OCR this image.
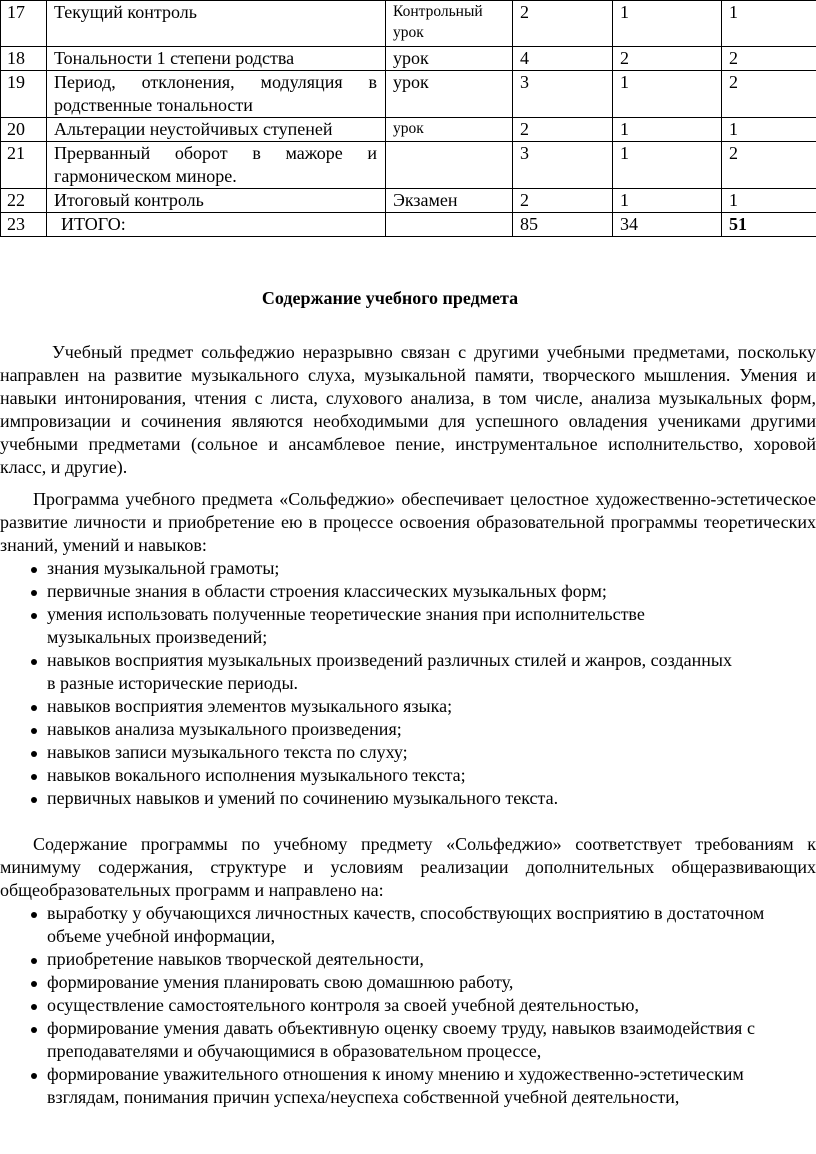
17	Текущий контроль	Контрольный урок	2	1	1
18	Тональности 1 степени родства	урок	4	2	2
19	Период, отклонения, модуляция в родственные тональности	урок	3	1	2
20	Альтерации неустойчивых ступеней	урок	2	1	1
21	Прерванный оборот в мажоре и гармоническом миноре.		3	1	2
22	Итоговый контроль	Экзамен	2	1	1
23	ИТОГО:		85	34	51
Содержание учебного предмета

Учебный предмет сольфеджио неразрывно связан с другими учебными предметами, поскольку направлен на развитие музыкального слуха, музыкальной памяти, творческого мышления. Умения и навыки интонирования, чтения с листа, слухового анализа, в том числе, анализа музыкальных форм, импровизации и сочинения являются необходимыми для успешного овладения учениками другими учебными предметами (сольное и ансамблевое пение, инструментальное исполнительство, хоровой класс, и другие).

Программа учебного предмета «Сольфеджио» обеспечивает целостное художественно-эстетическое развитие личности и приобретение ею в процессе освоения образовательной программы теоретических знаний, умений и навыков:

знания музыкальной грамоты;
первичные знания в области строения классических музыкальных форм;
умения использовать полученные теоретические знания при исполнительстве музыкальных произведений;
навыков восприятия музыкальных произведений различных стилей и жанров, созданных в разные исторические периоды.
навыков восприятия элементов музыкального языка;
навыков анализа музыкального произведения;
навыков записи музыкального текста по слуху;
навыков вокального исполнения музыкального текста;
первичных навыков и умений по сочинению музыкального текста.

Содержание программы по учебному предмету «Сольфеджио» соответствует требованиям к минимуму содержания, структуре и условиям реализации дополнительных общеразвивающих общеобразовательных программ и направлено на:

выработку у обучающихся личностных качеств, способствующих восприятию в достаточном объеме учебной информации,
приобретение навыков творческой деятельности,
формирование умения планировать свою домашнюю работу,
осуществление самостоятельного контроля за своей учебной деятельностью,
формирование умения давать объективную оценку своему труду, навыков взаимодействия с преподавателями и обучающимися в образовательном процессе,
формирование уважительного отношения к иному мнению и художественно-эстетическим взглядам, понимания причин успеха/неуспеха собственной учебной деятельности,
